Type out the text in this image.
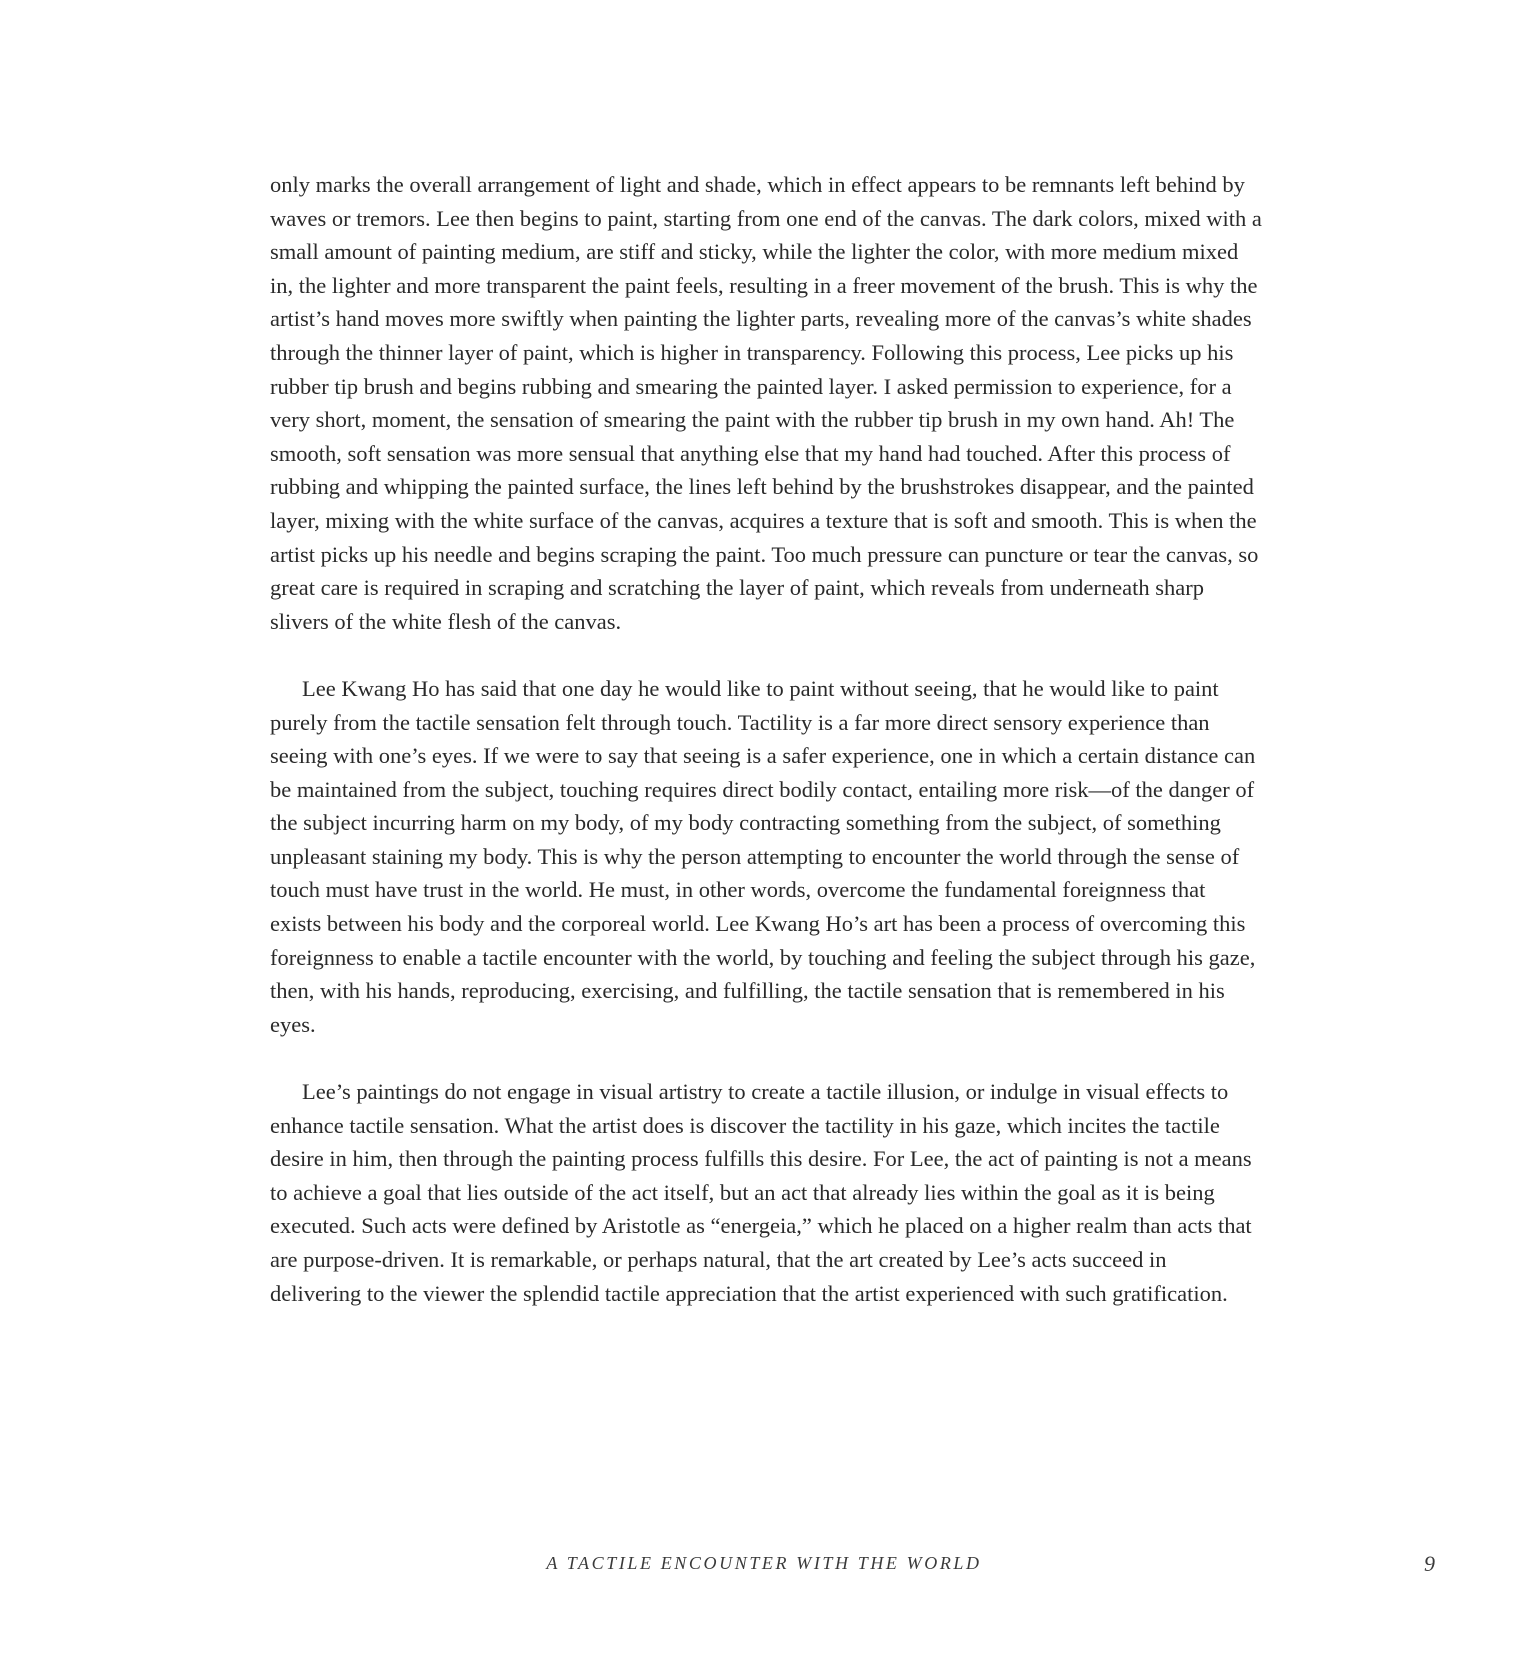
only marks the overall arrangement of light and shade, which in effect appears to be remnants left behind by waves or tremors. Lee then begins to paint, starting from one end of the canvas. The dark colors, mixed with a small amount of painting medium, are stiff and sticky, while the lighter the color, with more medium mixed in, the lighter and more transparent the paint feels, resulting in a freer movement of the brush. This is why the artist’s hand moves more swiftly when painting the lighter parts, revealing more of the canvas’s white shades through the thinner layer of paint, which is higher in transparency. Following this process, Lee picks up his rubber tip brush and begins rubbing and smearing the painted layer. I asked permission to experience, for a very short, moment, the sensation of smearing the paint with the rubber tip brush in my own hand. Ah! The smooth, soft sensation was more sensual that anything else that my hand had touched. After this process of rubbing and whipping the painted surface, the lines left behind by the brushstrokes disappear, and the painted layer, mixing with the white surface of the canvas, acquires a texture that is soft and smooth. This is when the artist picks up his needle and begins scraping the paint. Too much pressure can puncture or tear the canvas, so great care is required in scraping and scratching the layer of paint, which reveals from underneath sharp slivers of the white flesh of the canvas.

Lee Kwang Ho has said that one day he would like to paint without seeing, that he would like to paint purely from the tactile sensation felt through touch. Tactility is a far more direct sensory experience than seeing with one’s eyes. If we were to say that seeing is a safer experience, one in which a certain distance can be maintained from the subject, touching requires direct bodily contact, entailing more risk—of the danger of the subject incurring harm on my body, of my body contracting something from the subject, of something unpleasant staining my body. This is why the person attempting to encounter the world through the sense of touch must have trust in the world. He must, in other words, overcome the fundamental foreignness that exists between his body and the corporeal world. Lee Kwang Ho’s art has been a process of overcoming this foreignness to enable a tactile encounter with the world, by touching and feeling the subject through his gaze, then, with his hands, reproducing, exercising, and fulfilling, the tactile sensation that is remembered in his eyes.

Lee’s paintings do not engage in visual artistry to create a tactile illusion, or indulge in visual effects to enhance tactile sensation. What the artist does is discover the tactility in his gaze, which incites the tactile desire in him, then through the painting process fulfills this desire. For Lee, the act of painting is not a means to achieve a goal that lies outside of the act itself, but an act that already lies within the goal as it is being executed. Such acts were defined by Aristotle as “energeia,” which he placed on a higher realm than acts that are purpose-driven. It is remarkable, or perhaps natural, that the art created by Lee’s acts succeed in delivering to the viewer the splendid tactile appreciation that the artist experienced with such gratification.

A TACTILE ENCOUNTER WITH THE WORLD	9
